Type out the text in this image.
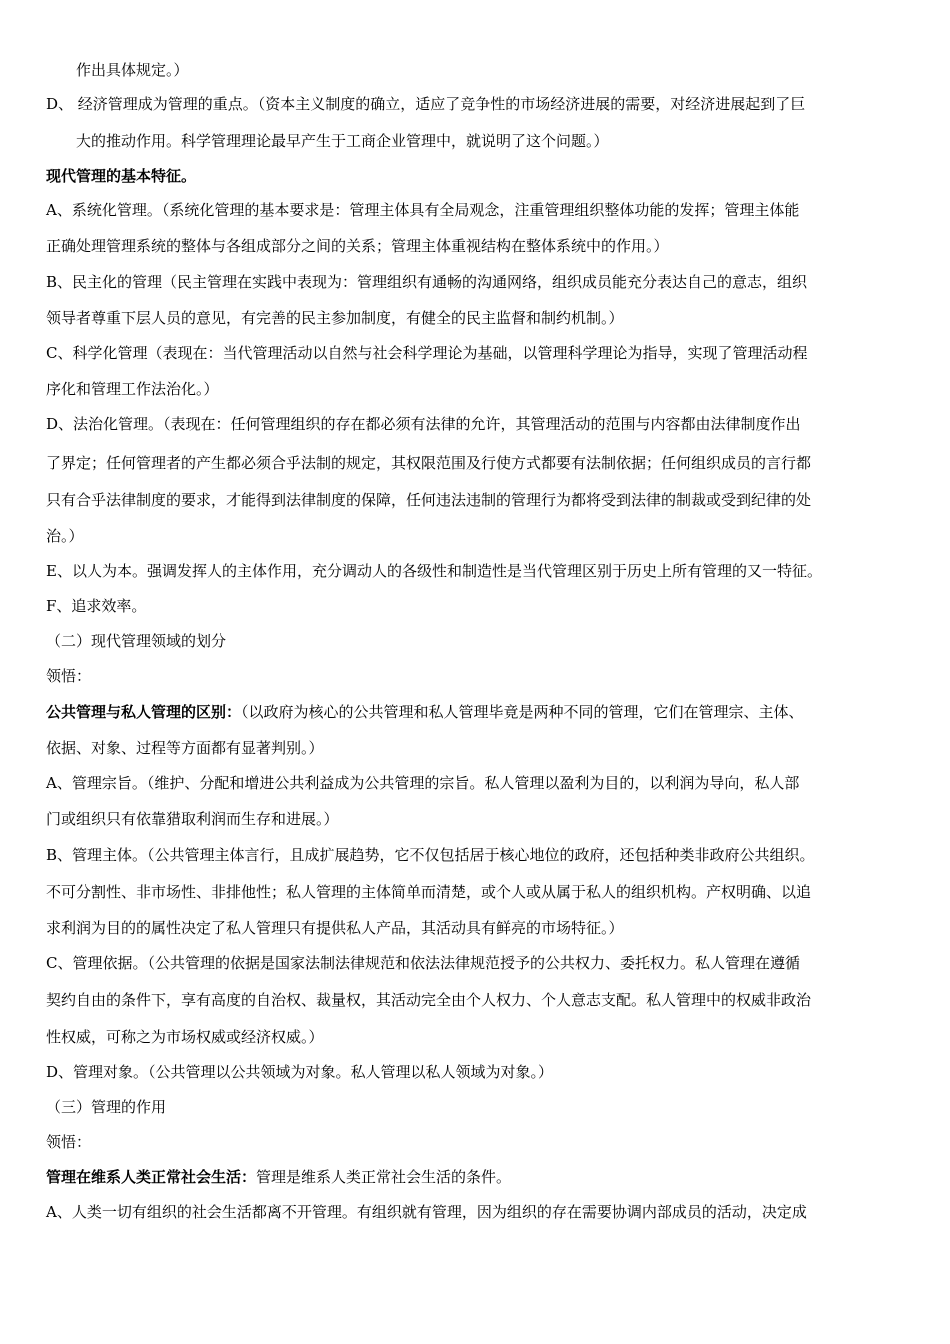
作出具体规定。）
D、 经济管理成为管理的重点。（资本主义制度的确立，适应了竞争性的市场经济进展的需要，对经济进展起到了巨
大的推动作用。科学管理理论最早产生于工商企业管理中，就说明了这个问题。）
现代管理的基本特征。
A、系统化管理。（系统化管理的基本要求是：管理主体具有全局观念，注重管理组织整体功能的发挥；管理主体能
正确处理管理系统的整体与各组成部分之间的关系；管理主体重视结构在整体系统中的作用。）
B、民主化的管理（民主管理在实践中表现为：管理组织有通畅的沟通网络，组织成员能充分表达自己的意志，组织
领导者尊重下层人员的意见，有完善的民主参加制度，有健全的民主监督和制约机制。）
C、科学化管理（表现在：当代管理活动以自然与社会科学理论为基础，以管理科学理论为指导，实现了管理活动程
序化和管理工作法治化。）
D、法治化管理。（表现在：任何管理组织的存在都必须有法律的允许，其管理活动的范围与内容都由法律制度作出
了界定；任何管理者的产生都必须合乎法制的规定，其权限范围及行使方式都要有法制依据；任何组织成员的言行都
只有合乎法律制度的要求，才能得到法律制度的保障，任何违法违制的管理行为都将受到法律的制裁或受到纪律的处
治。）
E、以人为本。强调发挥人的主体作用，充分调动人的各级性和制造性是当代管理区别于历史上所有管理的又一特征。
F、追求效率。
（二）现代管理领域的划分
领悟：
公共管理与私人管理的区别：（以政府为核心的公共管理和私人管理毕竟是两种不同的管理，它们在管理宗、主体、
依据、对象、过程等方面都有显著判别。）
A、管理宗旨。（维护、分配和增进公共利益成为公共管理的宗旨。私人管理以盈利为目的，以利润为导向，私人部
门或组织只有依靠猎取利润而生存和进展。）
B、管理主体。（公共管理主体言行，且成扩展趋势，它不仅包括居于核心地位的政府，还包括种类非政府公共组织。
不可分割性、非市场性、非排他性；私人管理的主体简单而清楚，或个人或从属于私人的组织机构。产权明确、以追
求利润为目的的属性决定了私人管理只有提供私人产品，其活动具有鲜亮的市场特征。）
C、管理依据。（公共管理的依据是国家法制法律规范和依法法律规范授予的公共权力、委托权力。私人管理在遵循
契约自由的条件下，享有高度的自治权、裁量权，其活动完全由个人权力、个人意志支配。私人管理中的权威非政治
性权威，可称之为市场权威或经济权威。）
D、管理对象。（公共管理以公共领域为对象。私人管理以私人领域为对象。）
（三）管理的作用
领悟：
管理在维系人类正常社会生活：管理是维系人类正常社会生活的条件。
A、人类一切有组织的社会生活都离不开管理。有组织就有管理，因为组织的存在需要协调内部成员的活动，决定成
